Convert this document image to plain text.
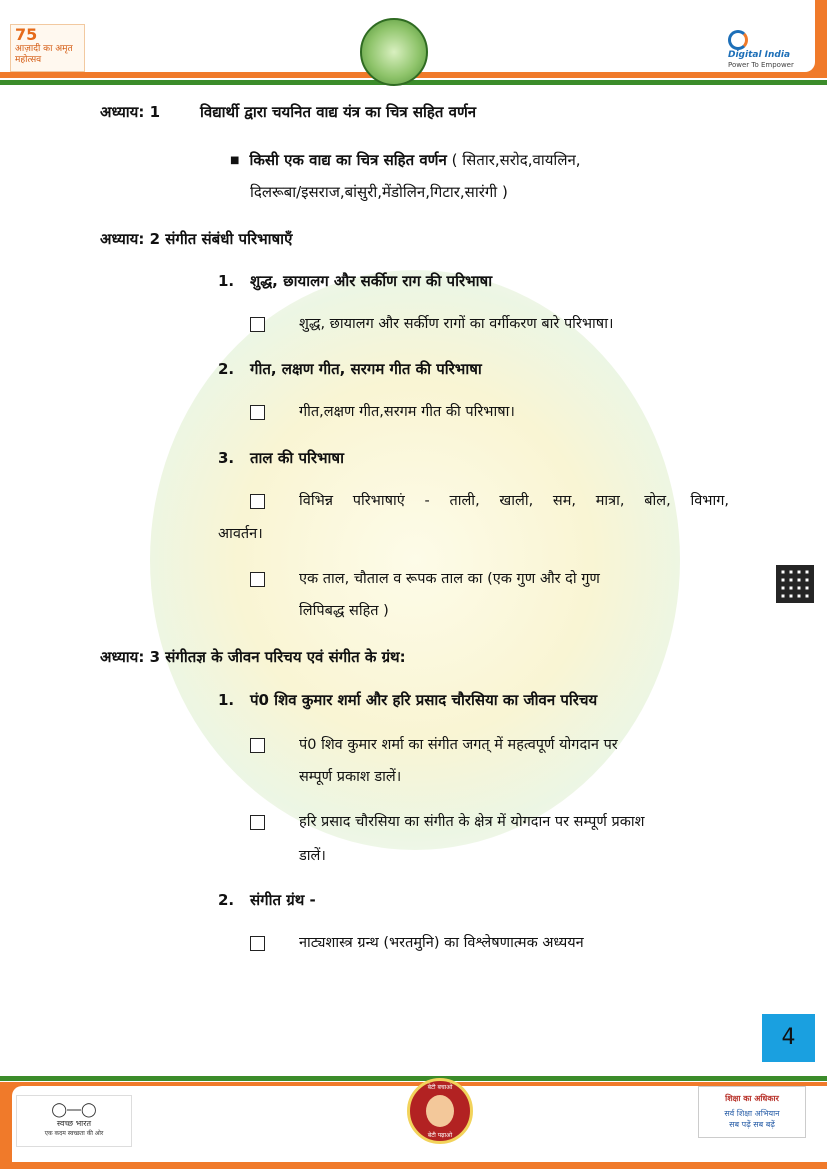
75
आज़ादी का अमृत महोत्सव	Digital India
Power To Empower
अध्याय: 1	विद्यार्थी द्वारा चयनित वाद्य यंत्र का चित्र सहित वर्णन
■ किसी एक वाद्य का चित्र सहित वर्णन ( सितार,सरोद,वायलिन,
दिलरूबा/इसराज,बांसुरी,मेंडोलिन,गिटार,सारंगी )
अध्याय: 2 संगीत संबंधी परिभाषाएँ
1. शुद्ध, छायालग और सर्कीण राग की परिभाषा
शुद्ध, छायालग और सर्कीण रागों का वर्गीकरण बारे परिभाषा।
2. गीत, लक्षण गीत, सरगम गीत की परिभाषा
गीत,लक्षण गीत,सरगम गीत की परिभाषा।
3. ताल की परिभाषा
विभिन्न परिभाषाएं - ताली, खाली, सम, मात्रा, बोल, विभाग,
आवर्तन।
एक ताल, चौताल व रूपक ताल का (एक गुण और दो गुण
लिपिबद्ध सहित )
अध्याय: 3 संगीतज्ञ के जीवन परिचय एवं संगीत के ग्रंथ:
1. पं0 शिव कुमार शर्मा और हरि प्रसाद चौरसिया का जीवन परिचय
पं0 शिव कुमार शर्मा का संगीत जगत् में महत्वपूर्ण योगदान पर
सम्पूर्ण प्रकाश डालें।
हरि प्रसाद चौरसिया का संगीत के क्षेत्र में योगदान पर सम्पूर्ण प्रकाश
डालें।
2. संगीत ग्रंथ -
नाट्यशास्त्र ग्रन्थ (भरतमुनि) का विश्लेषणात्मक अध्ययन
4
◯―◯
स्वच्छ भारत
एक कदम स्वच्छता की ओर
बेटी बचाओ
बेटी पढ़ाओ
शिक्षा का अधिकार
सर्व शिक्षा अभियान
सब पढ़ें सब बढ़ें
